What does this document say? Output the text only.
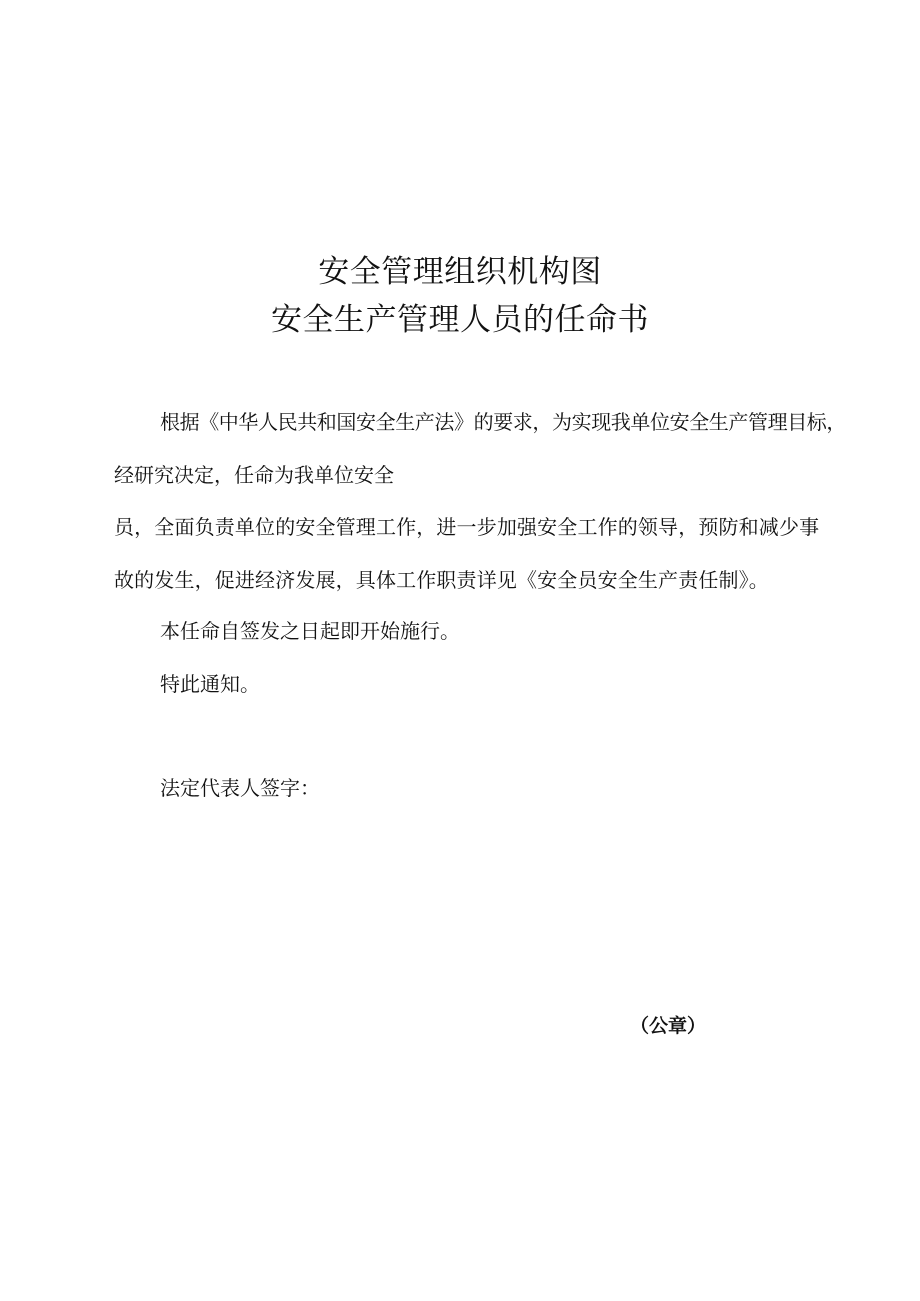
安全管理组织机构图
安全生产管理人员的任命书
根据《中华人民共和国安全生产法》的要求，为实现我单位安全生产管理目标，
经研究决定，任命为我单位安全
员，全面负责单位的安全管理工作，进一步加强安全工作的领导，预防和减少事
故的发生，促进经济发展，具体工作职责详见《安全员安全生产责任制》。
本任命自签发之日起即开始施行。
特此通知。
法定代表人签字：
（公章）
